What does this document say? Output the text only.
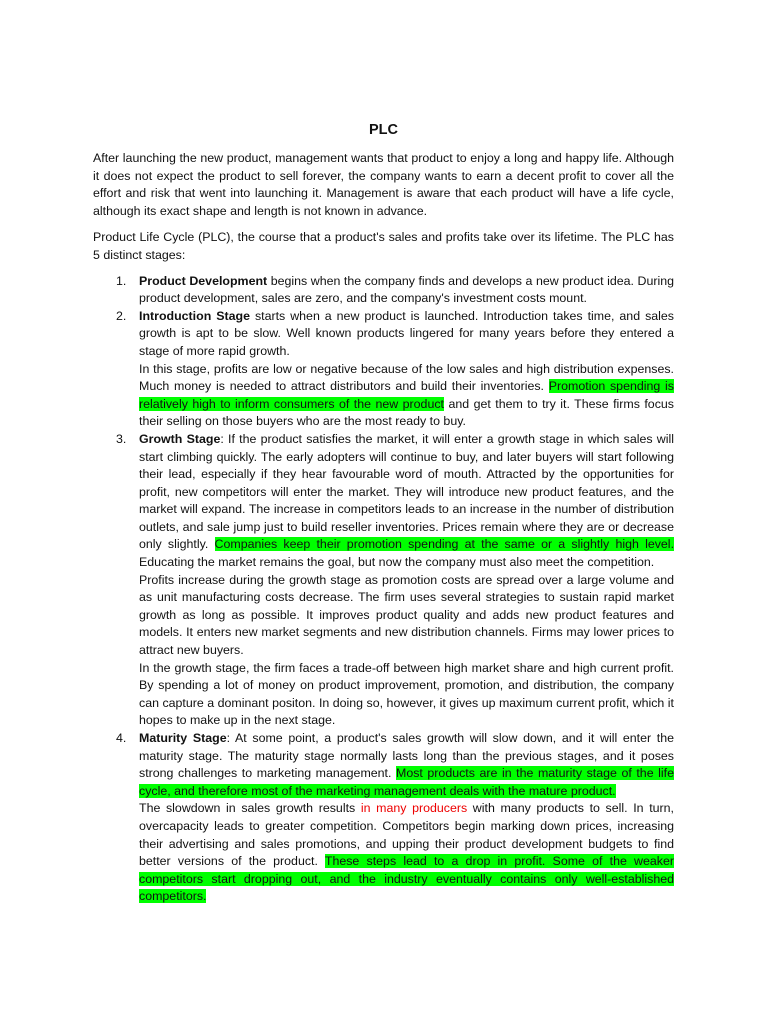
PLC

After launching the new product, management wants that product to enjoy a long and happy life. Although it does not expect the product to sell forever, the company wants to earn a decent profit to cover all the effort and risk that went into launching it. Management is aware that each product will have a life cycle, although its exact shape and length is not known in advance.

Product Life Cycle (PLC), the course that a product's sales and profits take over its lifetime. The PLC has 5 distinct stages:

1. Product Development begins when the company finds and develops a new product idea. During product development, sales are zero, and the company's investment costs mount.
2. Introduction Stage starts when a new product is launched. Introduction takes time, and sales growth is apt to be slow. Well known products lingered for many years before they entered a stage of more rapid growth.
In this stage, profits are low or negative because of the low sales and high distribution expenses. Much money is needed to attract distributors and build their inventories. Promotion spending is relatively high to inform consumers of the new product and get them to try it. These firms focus their selling on those buyers who are the most ready to buy.
3. Growth Stage: If the product satisfies the market, it will enter a growth stage in which sales will start climbing quickly. The early adopters will continue to buy, and later buyers will start following their lead, especially if they hear favourable word of mouth. Attracted by the opportunities for profit, new competitors will enter the market. They will introduce new product features, and the market will expand. The increase in competitors leads to an increase in the number of distribution outlets, and sale jump just to build reseller inventories. Prices remain where they are or decrease only slightly. Companies keep their promotion spending at the same or a slightly high level. Educating the market remains the goal, but now the company must also meet the competition.
Profits increase during the growth stage as promotion costs are spread over a large volume and as unit manufacturing costs decrease. The firm uses several strategies to sustain rapid market growth as long as possible. It improves product quality and adds new product features and models. It enters new market segments and new distribution channels. Firms may lower prices to attract new buyers.
In the growth stage, the firm faces a trade-off between high market share and high current profit. By spending a lot of money on product improvement, promotion, and distribution, the company can capture a dominant positon. In doing so, however, it gives up maximum current profit, which it hopes to make up in the next stage.
4. Maturity Stage: At some point, a product's sales growth will slow down, and it will enter the maturity stage. The maturity stage normally lasts long than the previous stages, and it poses strong challenges to marketing management. Most products are in the maturity stage of the life cycle, and therefore most of the marketing management deals with the mature product.
The slowdown in sales growth results in many producers with many products to sell. In turn, overcapacity leads to greater competition. Competitors begin marking down prices, increasing their advertising and sales promotions, and upping their product development budgets to find better versions of the product. These steps lead to a drop in profit. Some of the weaker competitors start dropping out, and the industry eventually contains only well-established competitors.
